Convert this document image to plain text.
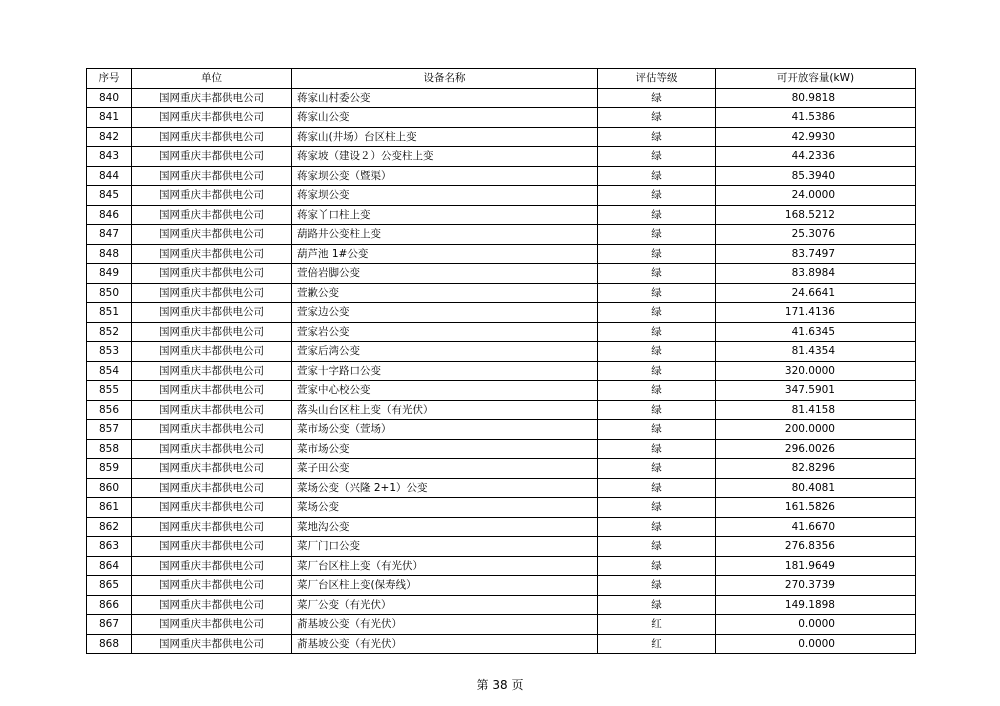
序号	单位	设备名称	评估等级	可开放容量(kW)
840	国网重庆丰都供电公司	蒋家山村委公变	绿	80.9818
841	国网重庆丰都供电公司	蒋家山公变	绿	41.5386
842	国网重庆丰都供电公司	蒋家山(井场）台区柱上变	绿	42.9930
843	国网重庆丰都供电公司	蒋家坡（建设２）公变柱上变	绿	44.2336
844	国网重庆丰都供电公司	蒋家坝公变（暨渠）	绿	85.3940
845	国网重庆丰都供电公司	蒋家坝公变	绿	24.0000
846	国网重庆丰都供电公司	蒋家丫口柱上变	绿	168.5212
847	国网重庆丰都供电公司	葫路井公变柱上变	绿	25.3076
848	国网重庆丰都供电公司	葫芦池 1#公变	绿	83.7497
849	国网重庆丰都供电公司	萱倍岩脚公变	绿	83.8984
850	国网重庆丰都供电公司	萱歉公变	绿	24.6641
851	国网重庆丰都供电公司	萱家边公变	绿	171.4136
852	国网重庆丰都供电公司	萱家岩公变	绿	41.6345
853	国网重庆丰都供电公司	萱家后湾公变	绿	81.4354
854	国网重庆丰都供电公司	萱家十字路口公变	绿	320.0000
855	国网重庆丰都供电公司	萱家中心校公变	绿	347.5901
856	国网重庆丰都供电公司	落头山台区柱上变（有光伏）	绿	81.4158
857	国网重庆丰都供电公司	菜市场公变（萱场）	绿	200.0000
858	国网重庆丰都供电公司	菜市场公变	绿	296.0026
859	国网重庆丰都供电公司	菜子田公变	绿	82.8296
860	国网重庆丰都供电公司	菜场公变（兴隆 2+1）公变	绿	80.4081
861	国网重庆丰都供电公司	菜场公变	绿	161.5826
862	国网重庆丰都供电公司	菜地沟公变	绿	41.6670
863	国网重庆丰都供电公司	菜厂门口公变	绿	276.8356
864	国网重庆丰都供电公司	菜厂台区柱上变（有光伏）	绿	181.9649
865	国网重庆丰都供电公司	菜厂台区柱上变(保寿线）	绿	270.3739
866	国网重庆丰都供电公司	菜厂公变（有光伏）	绿	149.1898
867	国网重庆丰都供电公司	萮基坡公变（有光伏）	红	0.0000
868	国网重庆丰都供电公司	萮基坡公变（有光伏）	红	0.0000
第 38 页
